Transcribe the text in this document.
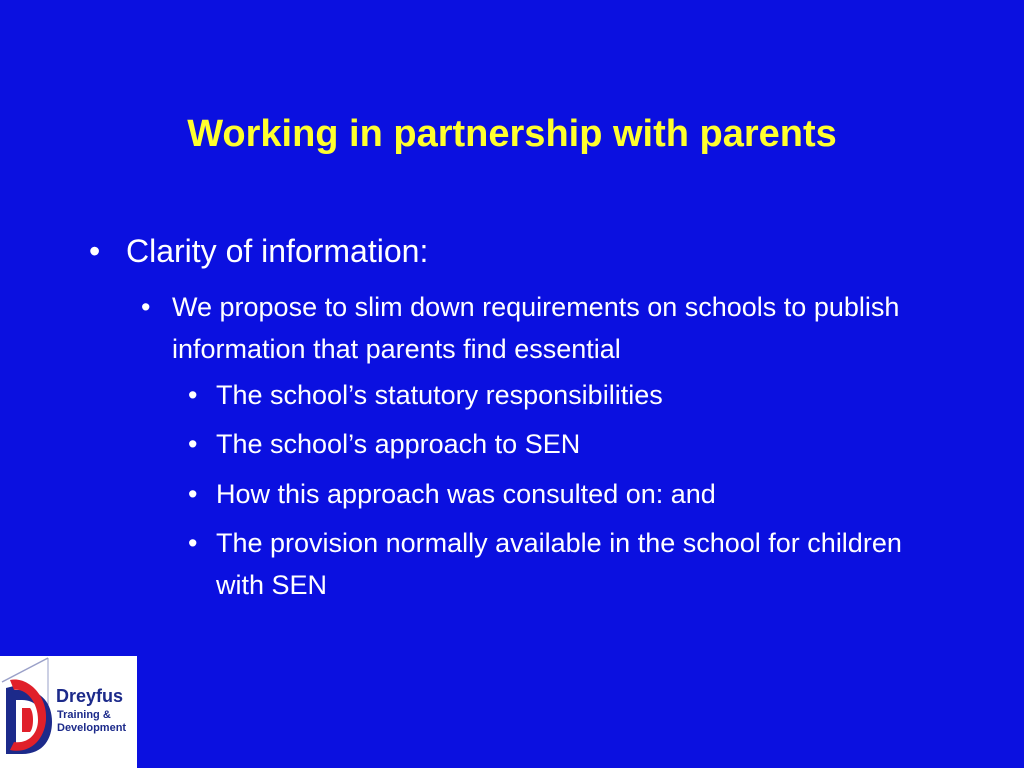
Working in partnership with parents
• Clarity of information:
• We propose to slim down requirements on schools to publish information that parents find essential
• The school’s statutory responsibilities
• The school’s approach to SEN
• How this approach was consulted on: and
• The provision normally available in the school for children with SEN
Dreyfus
Training &
Development
